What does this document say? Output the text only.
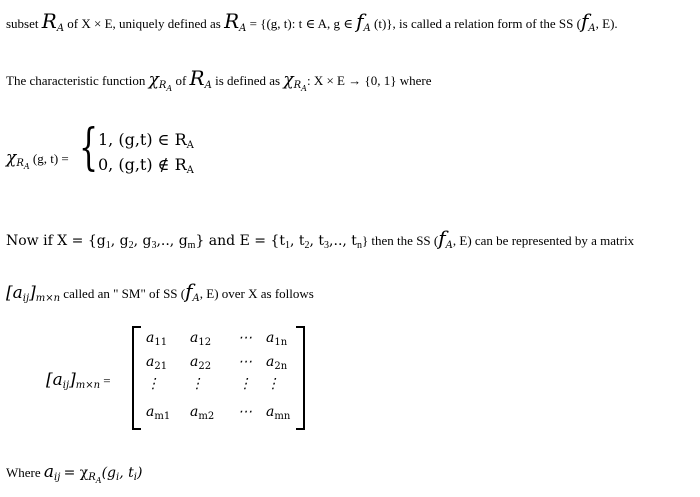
subset $R_A$ of X × E, uniquely defined as $R_A = \{(g$, t): t ∈ A, g ∈ $f_A$ (t)}, is called a relation form of the SS ($f_A$, E).
The characteristic function $\chi_{RA}$ of $R_A$ is defined as $\chi_{RA}$: X × E → {0, 1} where
$\chi_{RA}$ (g, t) = { 1, (g,t) ∈ RA
0, (g,t) ∉ RA
Now if $X = \{g_1$, $g_2$, $g_3$,.., $g_m$} and $E = \{t_1$, $t_2$, $t_3$,.., $t_n$} then the SS ($f_A$, E) can be represented by a matrix
$[a_{ij}]_{m\times n}$ called an " SM" of SS ($f_A$, E) over X as follows
$[a_{ij}]_{m\times n}$ =
$a_{11}$ $a_{12}$ ⋯ $a_{1n}$
$a_{21}$ $a_{22}$ ⋯ $a_{2n}$
⋮ ⋮ ⋮ ⋮
$a_{m1}$ $a_{m2}$ ⋯ $a_{mn}$
Where $a_{ij} = \chi_{RA}(g_i$, $t_i$)
